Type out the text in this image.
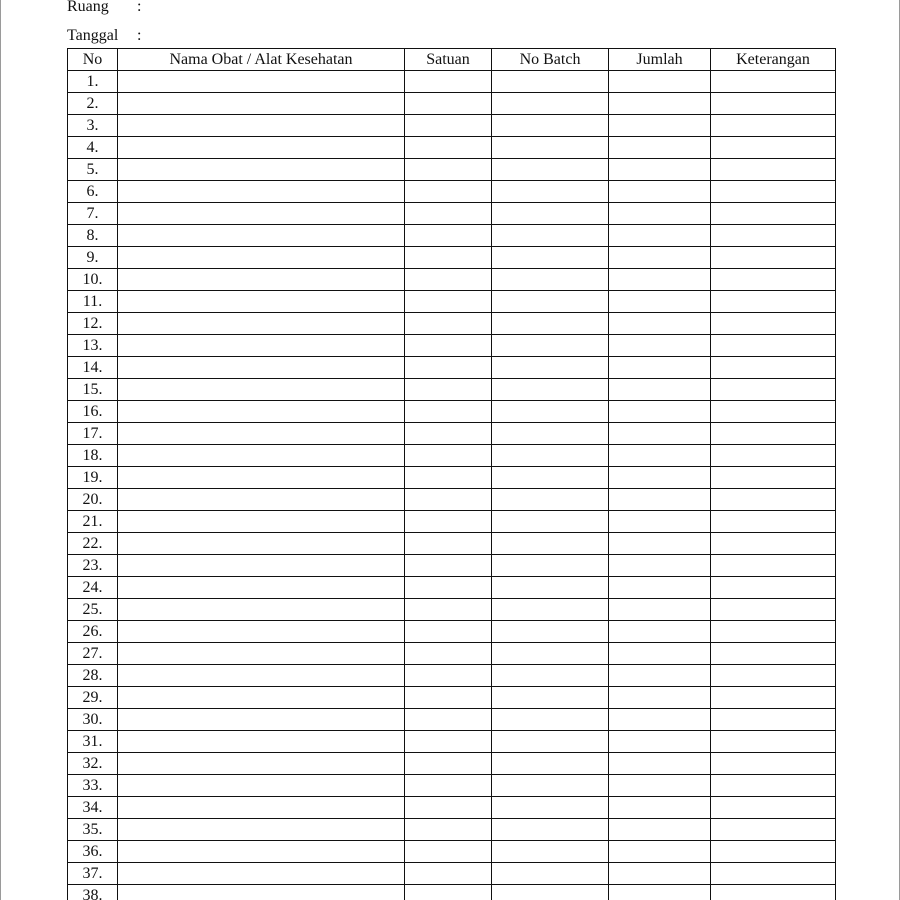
Ruang :
Tanggal :
No	Nama Obat / Alat Kesehatan	Satuan	No Batch	Jumlah	Keterangan
1.					
2.					
3.					
4.					
5.					
6.					
7.					
8.					
9.					
10.					
11.					
12.					
13.					
14.					
15.					
16.					
17.					
18.					
19.					
20.					
21.					
22.					
23.					
24.					
25.					
26.					
27.					
28.					
29.					
30.					
31.					
32.					
33.					
34.					
35.					
36.					
37.					
38.					
